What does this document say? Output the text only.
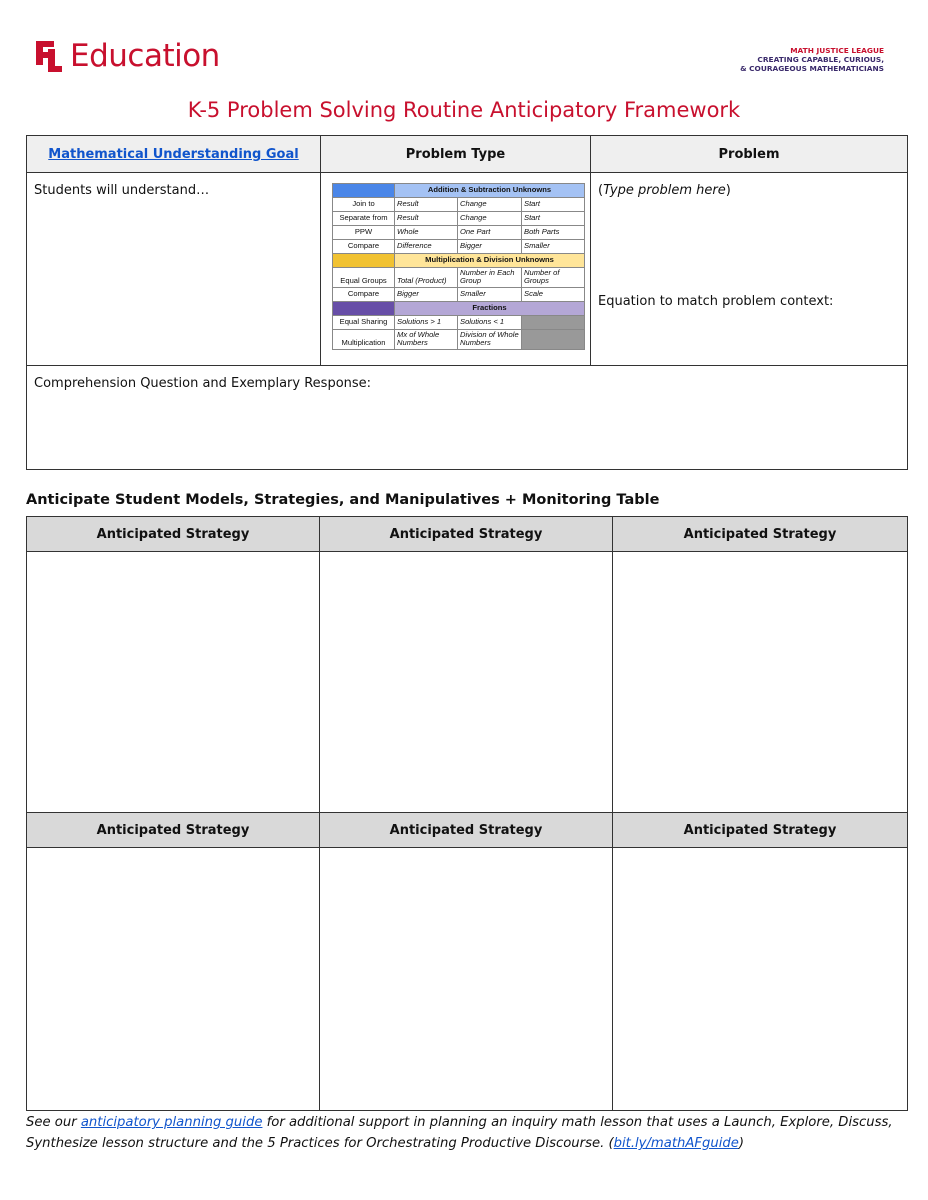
Education	MATH JUSTICE LEAGUE
CREATING CAPABLE, CURIOUS,
& COURAGEOUS MATHEMATICIANS
K-5 Problem Solving Routine Anticipatory Framework
Mathematical Understanding Goal	Problem Type	Problem
Students will understand…	
		Addition & Subtraction Unknowns
Join to	Result	Change	Start
Separate from	Result	Change	Start
PPW	Whole	One Part	Both Parts
Compare	Difference	Bigger	Smaller
	Multiplication & Division Unknowns
Equal Groups	Total (Product)	Number in Each Group	Number of Groups
Compare	Bigger	Smaller	Scale
	Fractions
Equal Sharing	Solutions > 1	Solutions < 1	
Multiplication	Mx of Whole Numbers	Division of Whole Numbers	

(Type problem here)
Equation to match problem context:

Comprehension Question and Exemplary Response:
Anticipate Student Models, Strategies, and Manipulatives + Monitoring Table
Anticipated Strategy	Anticipated Strategy	Anticipated Strategy

Anticipated Strategy	Anticipated Strategy	Anticipated Strategy

See our anticipatory planning guide for additional support in planning an inquiry math lesson that uses a Launch, Explore, Discuss, Synthesize lesson structure and the 5 Practices for Orchestrating Productive Discourse. (bit.ly/mathAFguide)
